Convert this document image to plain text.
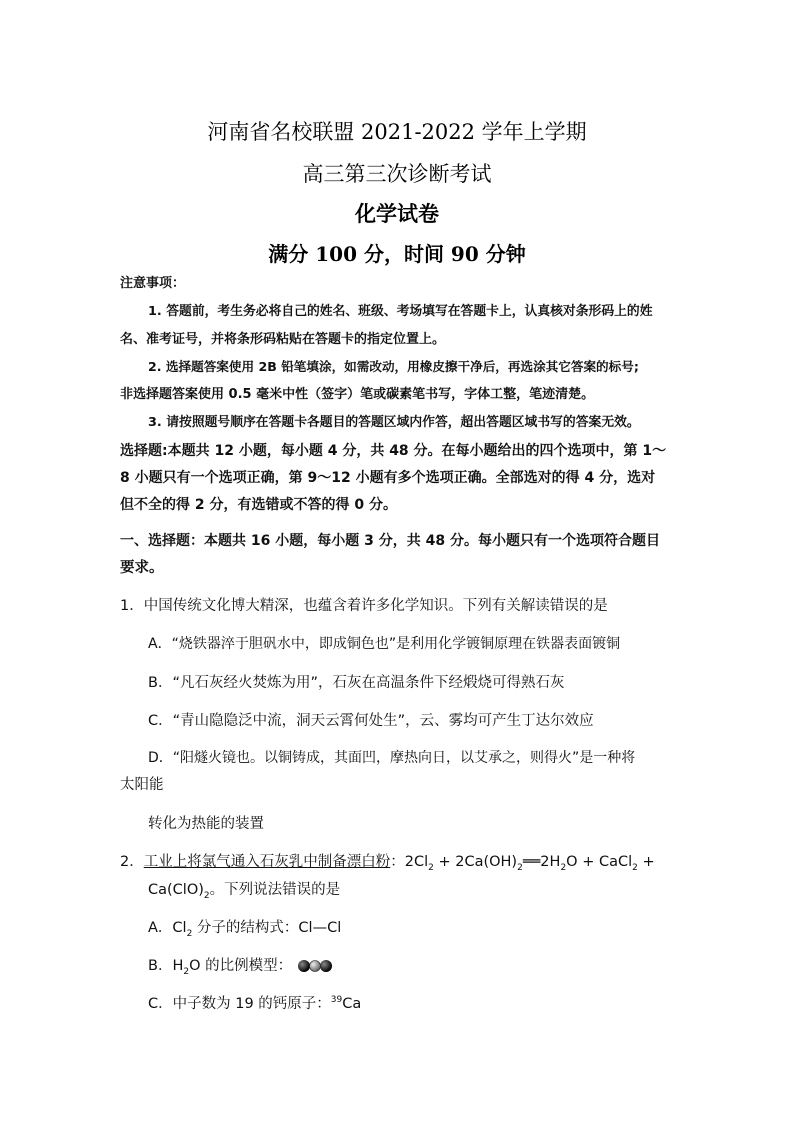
河南省名校联盟 2021-2022 学年上学期
高三第三次诊断考试
化学试卷
满分 100 分，时间 90 分钟
注意事项：
1. 答题前，考生务必将自己的姓名、班级、考场填写在答题卡上，认真核对条形码上的姓
名、准考证号，并将条形码粘贴在答题卡的指定位置上。
2. 选择题答案使用 2B 铅笔填涂，如需改动，用橡皮擦干净后，再选涂其它答案的标号;
非选择题答案使用 0.5 毫米中性（签字）笔或碳素笔书写，字体工整，笔迹清楚。
3. 请按照题号顺序在答题卡各题目的答题区域内作答，超出答题区域书写的答案无效。
选择题:本题共 12 小题，每小题 4 分，共 48 分。在每小题给出的四个选项中，第 1～
8 小题只有一个选项正确，第 9～12 小题有多个选项正确。全部选对的得 4 分，选对
但不全的得 2 分，有选错或不答的得 0 分。
一、选择题：本题共 16 小题，每小题 3 分，共 48 分。每小题只有一个选项符合题目
要求。
1．中国传统文化博大精深，也蕴含着许多化学知识。下列有关解读错误的是
A．“烧铁器淬于胆矾水中，即成铜色也”是利用化学镀铜原理在铁器表面镀铜
B．“凡石灰经火焚炼为用”，石灰在高温条件下经煅烧可得熟石灰
C．“青山隐隐泛中流，洞天云霄何处生”，云、雾均可产生丁达尔效应
D．“阳燧火镜也。以铜铸成，其面凹，摩热向日，以艾承之，则得火”是一种将
太阳能
转化为热能的装置
2．工业上将氯气通入石灰乳中制备漂白粉：$2Cl_2$ + $2Ca(OH)_2══2H_2O$ + CaCl$_2$ +
$Ca(ClO)_2$。下列说法错误的是
A．$Cl_2$ 分子的结构式：Cl—Cl
B．$H_2O$ 的比例模型：
C．中子数为 19 的钙原子：$^{39}$Ca
